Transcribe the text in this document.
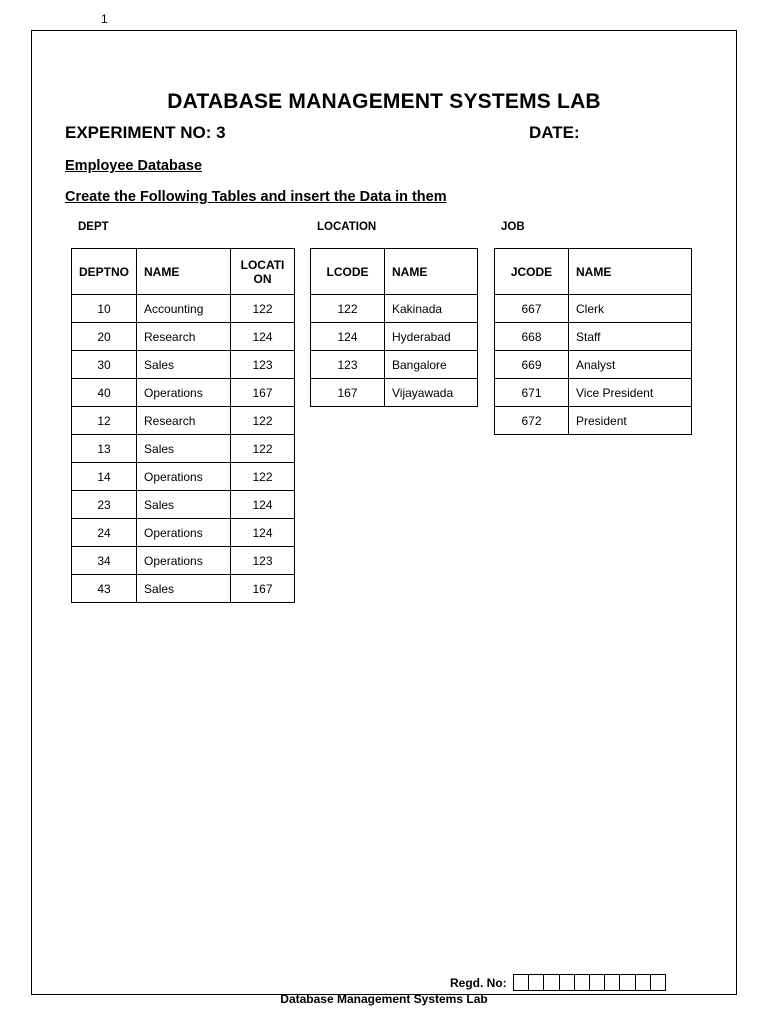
1
DATABASE MANAGEMENT SYSTEMS LAB
EXPERIMENT NO: 3	DATE:
Employee Database
Create the Following Tables and insert the Data in them
DEPT	LOCATION	JOB
DEPTNO	NAME	LOCATI ON
10	Accounting	122
20	Research	124
30	Sales	123
40	Operations	167
12	Research	122
13	Sales	122
14	Operations	122
23	Sales	124
24	Operations	124
34	Operations	123
43	Sales	167
LCODE	NAME
122	Kakinada
124	Hyderabad
123	Bangalore
167	Vijayawada
JCODE	NAME
667	Clerk
668	Staff
669	Analyst
671	Vice President
672	President
Regd. No:
Database Management Systems Lab
